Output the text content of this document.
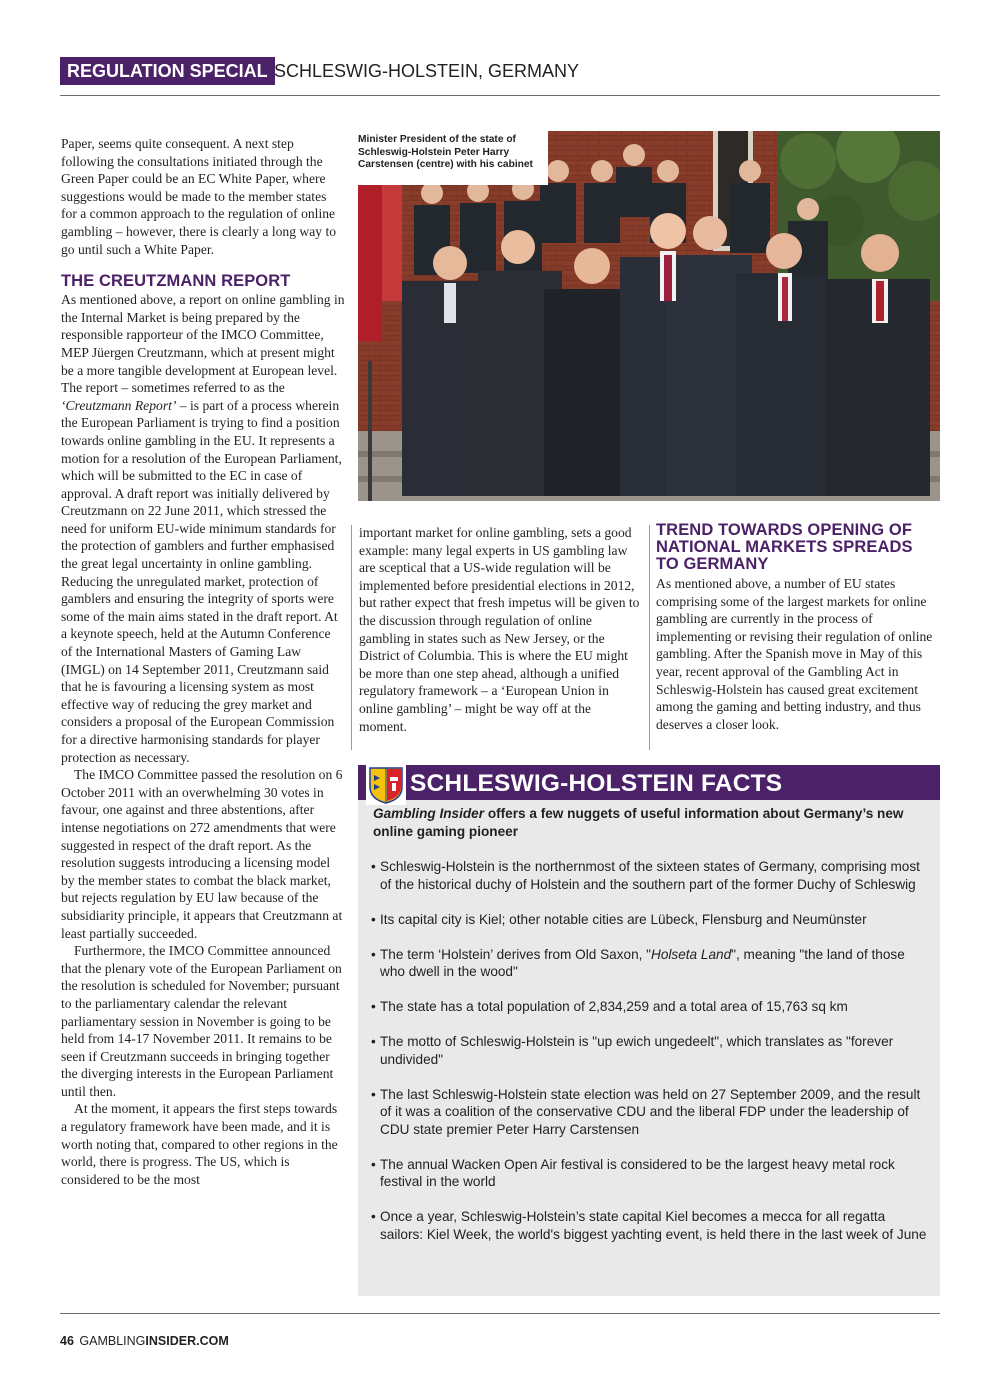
REGULATION SPECIAL SCHLESWIG-HOLSTEIN, GERMANY

Paper, seems quite consequent. A next step following the consultations initiated through the Green Paper could be an EC White Paper, where suggestions would be made to the member states for a common approach to the regulation of online gambling – however, there is clearly a long way to go until such a White Paper.

THE CREUTZMANN REPORT

As mentioned above, a report on online gambling in the Internal Market is being prepared by the responsible rapporteur of the IMCO Committee, MEP Jüergen Creutzmann, which at present might be a more tangible development at European level. The report – sometimes referred to as the ‘Creutzmann Report’ – is part of a process wherein the European Parliament is trying to find a position towards online gambling in the EU. It represents a motion for a resolution of the European Parliament, which will be submitted to the EC in case of approval. A draft report was initially delivered by Creutzmann on 22 June 2011, which stressed the need for uniform EU-wide minimum standards for the protection of gamblers and further emphasised the great legal uncertainty in online gambling. Reducing the unregulated market, protection of gamblers and ensuring the integrity of sports were some of the main aims stated in the draft report. At a keynote speech, held at the Autumn Conference of the International Masters of Gaming Law (IMGL) on 14 September 2011, Creutzmann said that he is favouring a licensing system as most effective way of reducing the grey market and considers a proposal of the European Commission for a directive harmonising standards for player protection as necessary.

The IMCO Committee passed the resolution on 6 October 2011 with an overwhelming 30 votes in favour, one against and three abstentions, after intense negotiations on 272 amendments that were suggested in respect of the draft report. As the resolution suggests introducing a licensing model by the member states to combat the black market, but rejects regulation by EU law because of the subsidiarity principle, it appears that Creutzmann at least partially succeeded.

Furthermore, the IMCO Committee announced that the plenary vote of the European Parliament on the resolution is scheduled for November; pursuant to the parliamentary calendar the relevant parliamentary session in November is going to be held from 14-17 November 2011. It remains to be seen if Creutzmann succeeds in bringing together the diverging interests in the European Parliament until then.

At the moment, it appears the first steps towards a regulatory framework have been made, and it is worth noting that, compared to other regions in the world, there is progress. The US, which is considered to be the most

Minister President of the state of Schleswig-Holstein Peter Harry Carstensen (centre) with his cabinet

important market for online gambling, sets a good example: many legal experts in US gambling law are sceptical that a US-wide regulation will be implemented before presidential elections in 2012, but rather expect that fresh impetus will be given to the discussion through regulation of online gambling in states such as New Jersey, or the District of Columbia. This is where the EU might be more than one step ahead, although a unified regulatory framework – a ‘European Union in online gambling’ – might be way off at the moment.

TREND TOWARDS OPENING OF NATIONAL MARKETS SPREADS TO GERMANY

As mentioned above, a number of EU states comprising some of the largest markets for online gambling are currently in the process of implementing or revising their regulation of online gambling. After the Spanish move in May of this year, recent approval of the Gambling Act in Schleswig-Holstein has caused great excitement among the gaming and betting industry, and thus deserves a closer look.

SCHLESWIG-HOLSTEIN FACTS
Gambling Insider offers a few nuggets of useful information about Germany’s new online gaming pioneer
• Schleswig-Holstein is the northernmost of the sixteen states of Germany, comprising most of the historical duchy of Holstein and the southern part of the former Duchy of Schleswig
• Its capital city is Kiel; other notable cities are Lübeck, Flensburg and Neumünster
• The term ‘Holstein’ derives from Old Saxon, "Holseta Land", meaning "the land of those who dwell in the wood"
• The state has a total population of 2,834,259 and a total area of 15,763 sq km
• The motto of Schleswig-Holstein is "up ewich ungedeelt", which translates as "forever undivided"
• The last Schleswig-Holstein state election was held on 27 September 2009, and the result of it was a coalition of the conservative CDU and the liberal FDP under the leadership of CDU state premier Peter Harry Carstensen
• The annual Wacken Open Air festival is considered to be the largest heavy metal rock festival in the world
• Once a year, Schleswig-Holstein’s state capital Kiel becomes a mecca for all regatta sailors: Kiel Week, the world's biggest yachting event, is held there in the last week of June
46 GAMBLINGINSIDER.COM
